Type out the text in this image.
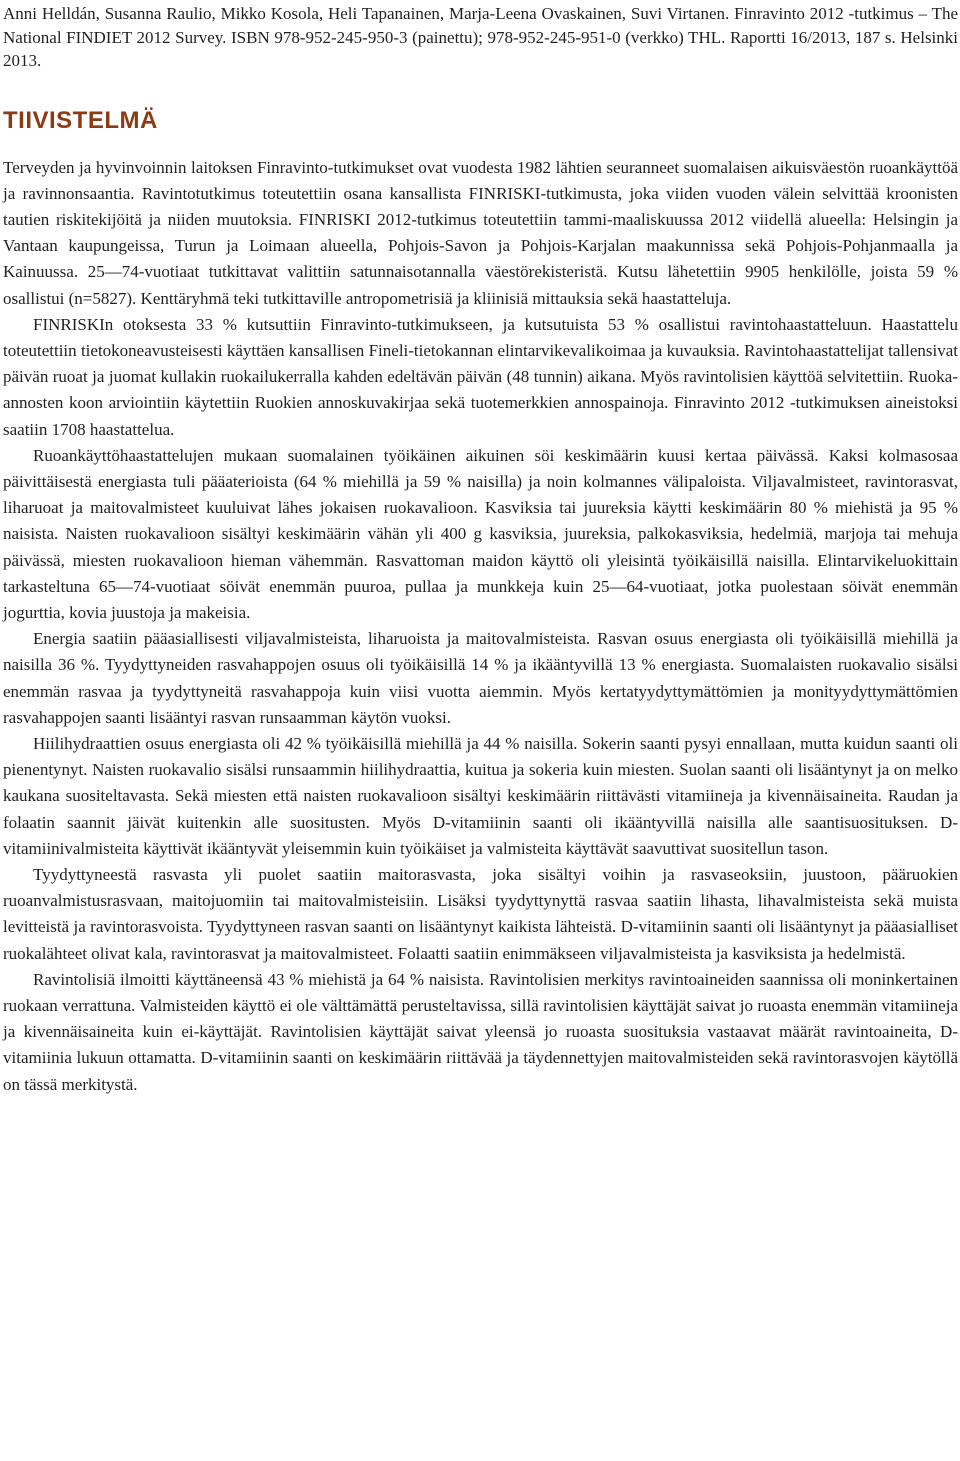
Anni Helldán, Susanna Raulio, Mikko Kosola, Heli Tapanainen, Marja-Leena Ovaskainen, Suvi Virtanen. Finravinto 2012 -tutkimus – The National FINDIET 2012 Survey. ISBN 978-952-245-950-3 (painettu); 978-952-245-951-0 (verkko) THL. Raportti 16/2013, 187 s. Helsinki 2013.

TIIVISTELMÄ

Terveyden ja hyvinvoinnin laitoksen Finravinto-tutkimukset ovat vuodesta 1982 lähtien seuranneet suomalaisen aikuisväestön ruoankäyttöä ja ravinnonsaantia. Ravintotutkimus toteutettiin osana kansallista FINRISKI-tutkimusta, joka viiden vuoden välein selvittää kroonisten tautien riskitekijöitä ja niiden muutoksia. FINRISKI 2012-tutkimus toteutettiin tammi-maaliskuussa 2012 viidellä alueella: Helsingin ja Vantaan kaupungeissa, Turun ja Loimaan alueella, Pohjois-Savon ja Pohjois-Karjalan maakunnissa sekä Pohjois-Pohjanmaalla ja Kainuussa. 25—74-vuotiaat tutkittavat valittiin satunnaisotannalla väestörekisteristä. Kutsu lähetettiin 9905 henkilölle, joista 59 % osallistui (n=5827). Kenttäryhmä teki tutkittaville antropometrisiä ja kliinisiä mittauksia sekä haastatteluja.

FINRISKIn otoksesta 33 % kutsuttiin Finravinto-tutkimukseen, ja kutsutuista 53 % osallistui ravintohaastatteluun. Haastattelu toteutettiin tietokoneavusteisesti käyttäen kansallisen Fineli-tietokannan elintarvikevalikoimaa ja kuvauksia. Ravintohaastattelijat tallensivat päivän ruoat ja juomat kullakin ruokailukerralla kahden edeltävän päivän (48 tunnin) aikana. Myös ravintolisien käyttöä selvitettiin. Ruoka-annosten koon arviointiin käytettiin Ruokien annoskuvakirjaa sekä tuotemerkkien annospainoja. Finravinto 2012 -tutkimuksen aineistoksi saatiin 1708 haastattelua.

Ruoankäyttöhaastattelujen mukaan suomalainen työikäinen aikuinen söi keskimäärin kuusi kertaa päivässä. Kaksi kolmasosaa päivittäisestä energiasta tuli pääaterioista (64 % miehillä ja 59 % naisilla) ja noin kolmannes välipaloista. Viljavalmisteet, ravintorasvat, liharuoat ja maitovalmisteet kuuluivat lähes jokaisen ruokavalioon. Kasviksia tai juureksia käytti keskimäärin 80 % miehistä ja 95 % naisista. Naisten ruokavalioon sisältyi keskimäärin vähän yli 400 g kasviksia, juureksia, palkokasviksia, hedelmiä, marjoja tai mehuja päivässä, miesten ruokavalioon hieman vähemmän. Rasvattoman maidon käyttö oli yleisintä työikäisillä naisilla. Elintarvikeluokittain tarkasteltuna 65—74-vuotiaat söivät enemmän puuroa, pullaa ja munkkeja kuin 25—64-vuotiaat, jotka puolestaan söivät enemmän jogurttia, kovia juustoja ja makeisia.

Energia saatiin pääasiallisesti viljavalmisteista, liharuoista ja maitovalmisteista. Rasvan osuus energiasta oli työikäisillä miehillä ja naisilla 36 %. Tyydyttyneiden rasvahappojen osuus oli työikäisillä 14 % ja ikääntyvillä 13 % energiasta. Suomalaisten ruokavalio sisälsi enemmän rasvaa ja tyydyttyneitä rasvahappoja kuin viisi vuotta aiemmin. Myös kertatyydyttymättömien ja monityydyttymättömien rasvahappojen saanti lisääntyi rasvan runsaamman käytön vuoksi.

Hiilihydraattien osuus energiasta oli 42 % työikäisillä miehillä ja 44 % naisilla. Sokerin saanti pysyi ennallaan, mutta kuidun saanti oli pienentynyt. Naisten ruokavalio sisälsi runsaammin hiilihydraattia, kuitua ja sokeria kuin miesten. Suolan saanti oli lisääntynyt ja on melko kaukana suositeltavasta. Sekä miesten että naisten ruokavalioon sisältyi keskimäärin riittävästi vitamiineja ja kivennäisaineita. Raudan ja folaatin saannit jäivät kuitenkin alle suositusten. Myös D-vitamiinin saanti oli ikääntyvillä naisilla alle saantisuosituksen. D-vitamiinivalmisteita käyttivät ikääntyvät yleisemmin kuin työikäiset ja valmisteita käyttävät saavuttivat suositellun tason.

Tyydyttyneestä rasvasta yli puolet saatiin maitorasvasta, joka sisältyi voihin ja rasvaseoksiin, juustoon, pääruokien ruoanvalmistusrasvaan, maitojuomiin tai maitovalmisteisiin. Lisäksi tyydyttynyttä rasvaa saatiin lihasta, lihavalmisteista sekä muista levitteistä ja ravintorasvoista. Tyydyttyneen rasvan saanti on lisääntynyt kaikista lähteistä. D-vitamiinin saanti oli lisääntynyt ja pääasialliset ruokalähteet olivat kala, ravintorasvat ja maitovalmisteet. Folaatti saatiin enimmäkseen viljavalmisteista ja kasviksista ja hedelmistä.

Ravintolisiä ilmoitti käyttäneensä 43 % miehistä ja 64 % naisista. Ravintolisien merkitys ravintoaineiden saannissa oli moninkertainen ruokaan verrattuna. Valmisteiden käyttö ei ole välttämättä perusteltavissa, sillä ravintolisien käyttäjät saivat jo ruoasta enemmän vitamiineja ja kivennäisaineita kuin ei-käyttäjät. Ravintolisien käyttäjät saivat yleensä jo ruoasta suosituksia vastaavat määrät ravintoaineita, D-vitamiinia lukuun ottamatta. D-vitamiinin saanti on keskimäärin riittävää ja täydennettyjen maitovalmisteiden sekä ravintorasvojen käytöllä on tässä merkitystä.
